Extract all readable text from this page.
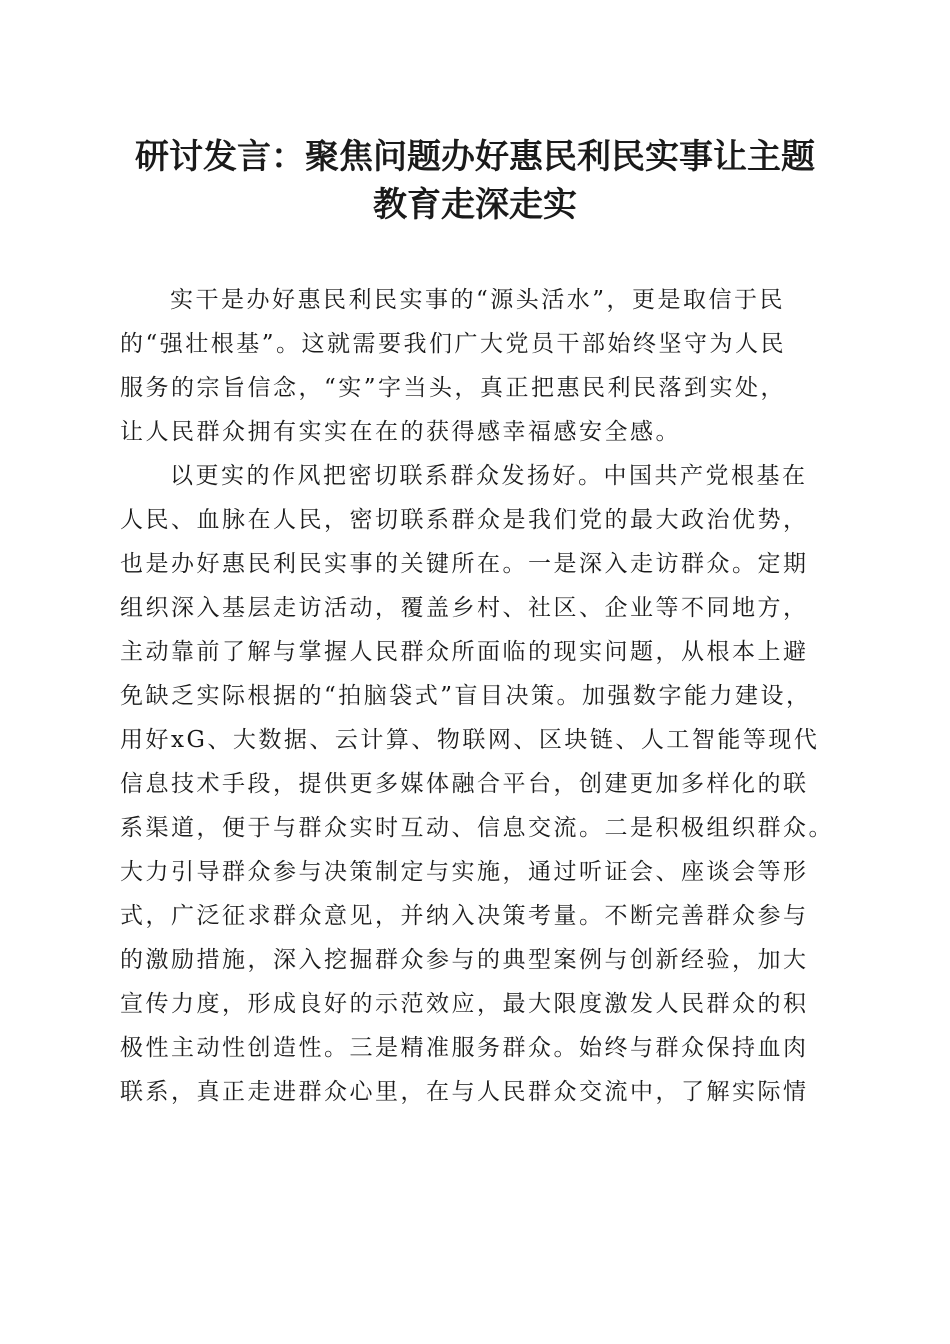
研讨发言：聚焦问题办好惠民利民实事让主题
教育走深走实
实干是办好惠民利民实事的“源头活水”，更是取信于民
的“强壮根基”。这就需要我们广大党员干部始终坚守为人民
服务的宗旨信念，“实”字当头，真正把惠民利民落到实处，
让人民群众拥有实实在在的获得感幸福感安全感。
以更实的作风把密切联系群众发扬好。中国共产党根基在
人民、血脉在人民，密切联系群众是我们党的最大政治优势，
也是办好惠民利民实事的关键所在。一是深入走访群众。定期
组织深入基层走访活动，覆盖乡村、社区、企业等不同地方，
主动靠前了解与掌握人民群众所面临的现实问题，从根本上避
免缺乏实际根据的“拍脑袋式”盲目决策。加强数字能力建设，
用好xG、大数据、云计算、物联网、区块链、人工智能等现代
信息技术手段，提供更多媒体融合平台，创建更加多样化的联
系渠道，便于与群众实时互动、信息交流。二是积极组织群众。
大力引导群众参与决策制定与实施，通过听证会、座谈会等形
式，广泛征求群众意见，并纳入决策考量。不断完善群众参与
的激励措施，深入挖掘群众参与的典型案例与创新经验，加大
宣传力度，形成良好的示范效应，最大限度激发人民群众的积
极性主动性创造性。三是精准服务群众。始终与群众保持血肉
联系，真正走进群众心里，在与人民群众交流中，了解实际情
